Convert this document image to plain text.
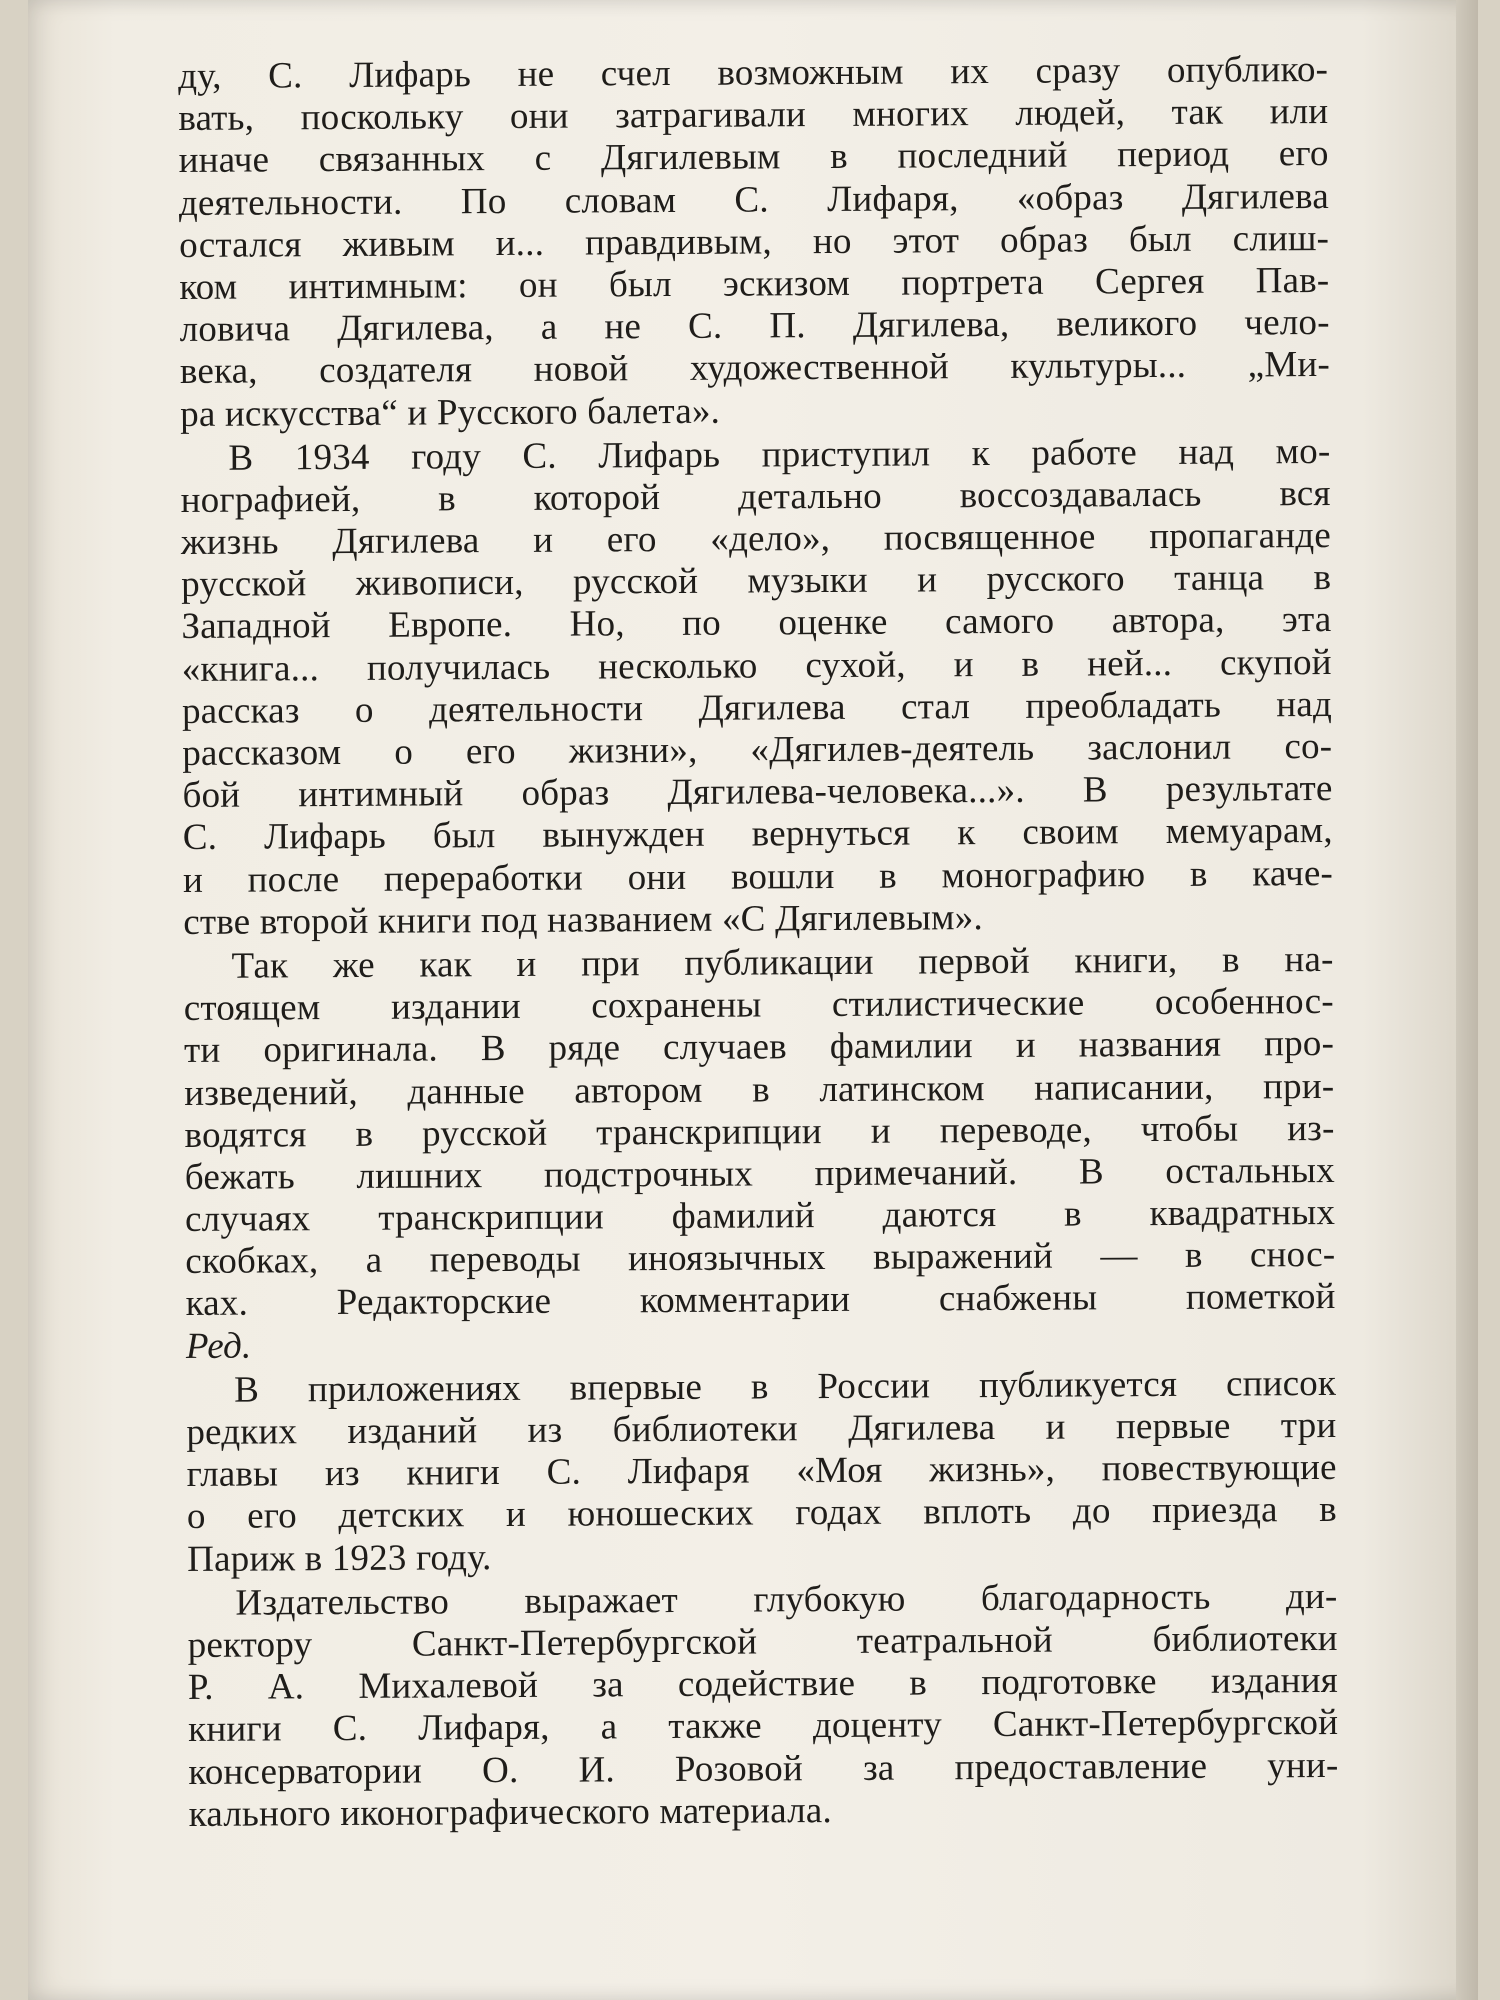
ду, С. Лифарь не счел возможным их сразу опублико-
вать, поскольку они затрагивали многих людей, так или
иначе связанных с Дягилевым в последний период его
деятельности. По словам С. Лифаря, «образ Дягилева
остался живым и... правдивым, но этот образ был слиш-
ком интимным: он был эскизом портрета Сергея Пав-
ловича Дягилева, а не С. П. Дягилева, великого чело-
века, создателя новой художественной культуры... „Ми-
ра искусства“ и Русского балета».

В 1934 году С. Лифарь приступил к работе над мо-
нографией, в которой детально воссоздавалась вся
жизнь Дягилева и его «дело», посвященное пропаганде
русской живописи, русской музыки и русского танца в
Западной Европе. Но, по оценке самого автора, эта
«книга... получилась несколько сухой, и в ней... скупой
рассказ о деятельности Дягилева стал преобладать над
рассказом о его жизни», «Дягилев-деятель заслонил со-
бой интимный образ Дягилева-человека...». В результате
С. Лифарь был вынужден вернуться к своим мемуарам,
и после переработки они вошли в монографию в каче-
стве второй книги под названием «С Дягилевым».

Так же как и при публикации первой книги, в на-
стоящем издании сохранены стилистические особеннос-
ти оригинала. В ряде случаев фамилии и названия про-
изведений, данные автором в латинском написании, при-
водятся в русской транскрипции и переводе, чтобы из-
бежать лишних подстрочных примечаний. В остальных
случаях транскрипции фамилий даются в квадратных
скобках, а переводы иноязычных выражений — в снос-
ках. Редакторские комментарии снабжены пометкой
Ред.

В приложениях впервые в России публикуется список
редких изданий из библиотеки Дягилева и первые три
главы из книги С. Лифаря «Моя жизнь», повествующие
о его детских и юношеских годах вплоть до приезда в
Париж в 1923 году.

Издательство выражает глубокую благодарность ди-
ректору Санкт-Петербургской театральной библиотеки
Р. А. Михалевой за содействие в подготовке издания
книги С. Лифаря, а также доценту Санкт-Петербургской
консерватории О. И. Розовой за предоставление уни-
кального иконографического материала.
